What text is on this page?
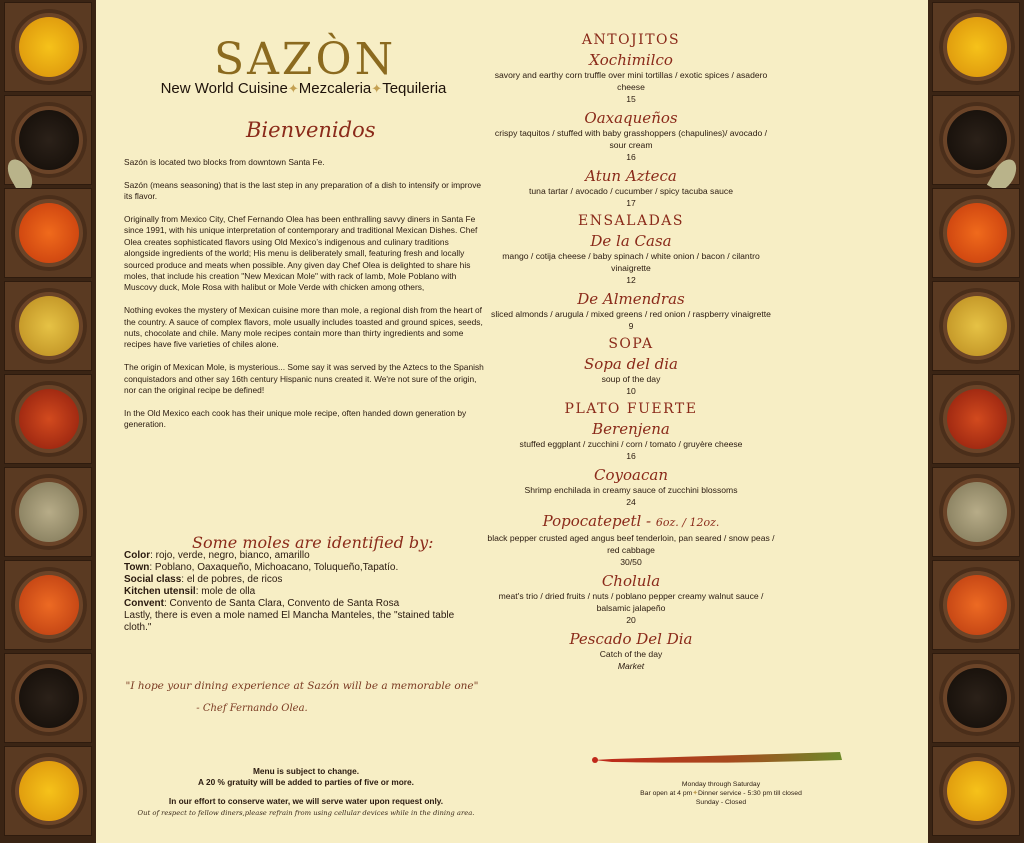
SAZÒN
New World Cuisine✦Mezcaleria✦Tequileria
Bienvenidos

Sazón is located two blocks from downtown Santa Fe.

Sazón (means seasoning) that is the last step in any preparation of a dish to intensify or improve its flavor.

Originally from Mexico City, Chef Fernando Olea has been enthralling savvy diners in Santa Fe since 1991, with his unique interpretation of contemporary and traditional Mexican Dishes. Chef Olea creates sophisticated flavors using Old Mexico’s indigenous and culinary traditions alongside ingredients of the world; His menu is deliberately small, featuring fresh and locally sourced produce and meats when possible. Any given day Chef Olea is delighted to share his moles, that include his creation "New Mexican Mole" with rack of lamb, Mole Poblano with Muscovy duck, Mole Rosa with halibut or Mole Verde with chicken among others,

Nothing evokes the mystery of Mexican cuisine more than mole, a regional dish from the heart of the country. A sauce of complex flavors, mole usually includes toasted and ground spices, seeds, nuts, chocolate and chile. Many mole recipes contain more than thirty ingredients and some recipes have five varieties of chiles alone.

The origin of Mexican Mole, is mysterious... Some say it was served by the Aztecs to the Spanish conquistadors and other say 16th century Hispanic nuns created it. We're not sure of the origin, nor can the original recipe be defined!

In the Old Mexico each cook has their unique mole recipe, often handed down generation by generation.

Some moles are identified by:
Color: rojo, verde, negro, bianco, amarillo
Town: Poblano, Oaxaqueño, Michoacano, Toluqueño,Tapatío.
Social class: el de pobres, de ricos
Kitchen utensil: mole de olla
Convent: Convento de Santa Clara, Convento de Santa Rosa
Lastly, there is even a mole named El Mancha Manteles, the "stained table cloth."
"I hope your dining experience at Sazón will be a memorable one"
- Chef Fernando Olea.
Menu is subject to change.
A 20 % gratuity will be added to parties of five or more.
In our effort to conserve water, we will serve water upon request only.
Out of respect to fellow diners,please refrain from using cellular devices while in the dining area.
ANTOJITOS
Xochimilco
savory and earthy corn truffle over mini tortillas / exotic spices / asadero cheese
15
Oaxaqueños
crispy taquitos / stuffed with baby grasshoppers (chapulines)/ avocado / sour cream
16
Atun Azteca
tuna tartar / avocado / cucumber / spicy tacuba sauce
17
ENSALADAS
De la Casa
mango / cotija cheese / baby spinach / white onion / bacon / cilantro vinaigrette
12
De Almendras
sliced almonds / arugula / mixed greens / red onion / raspberry vinaigrette
9
SOPA
Sopa del dia
soup of the day
10
PLATO FUERTE
Berenjena
stuffed eggplant / zucchini / corn / tomato / gruyère cheese
16
Coyoacan
Shrimp enchilada in creamy sauce of zucchini blossoms
24
Popocatepetl - 6oz. / 12oz.
black pepper crusted aged angus beef tenderloin, pan seared / snow peas / red cabbage
30/50
Cholula
meat's trio / dried fruits / nuts / poblano pepper creamy walnut sauce / balsamic jalapeño
20
Pescado Del Dia
Catch of the day
Market
Monday through Saturday
Bar open at 4 pm✦Dinner service - 5:30 pm till closed
Sunday - Closed
